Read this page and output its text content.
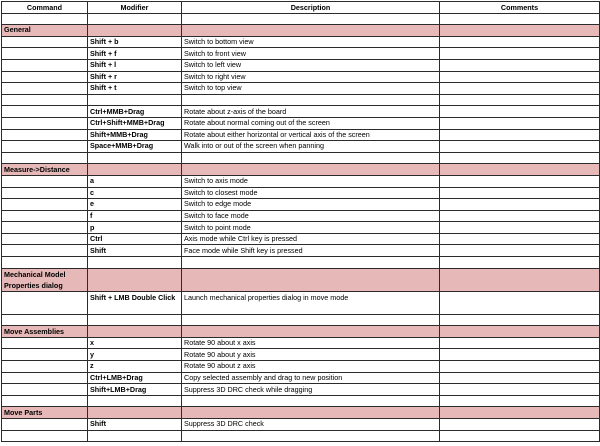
Command	Modifier	Description	Comments

General			
	Shift + b	Switch to bottom view	
	Shift + f	Switch to front view	
	Shift + l	Switch to left view	
	Shift + r	Switch to right view	
	Shift + t	Switch to top view	

	Ctrl+MMB+Drag	Rotate about z-axis of the board	
	Ctrl+Shift+MMB+Drag	Rotate about normal coming out of the screen	
	Shift+MMB+Drag	Rotate about either horizontal or vertical axis of the screen	
	Space+MMB+Drag	Walk into or out of the screen when panning	

Measure->Distance			
	a	Switch to axis mode	
	c	Switch to closest mode	
	e	Switch to edge mode	
	f	Switch to face mode	
	p	Switch to point mode	
	Ctrl	Axis mode while Ctrl key is pressed	
	Shift	Face mode while Shift key is pressed	

Mechanical Model Properties dialog			
	Shift + LMB Double Click	Launch mechanical properties dialog in move mode	

Move Assemblies			
	x	Rotate 90 about x axis	
	y	Rotate 90 about y axis	
	z	Rotate 90 about z axis	
	Ctrl+LMB+Drag	Copy selected assembly and drag to new position	
	Shift+LMB+Drag	Suppress 3D DRC check while dragging	

Move Parts			
	Shift	Suppress 3D DRC check	
